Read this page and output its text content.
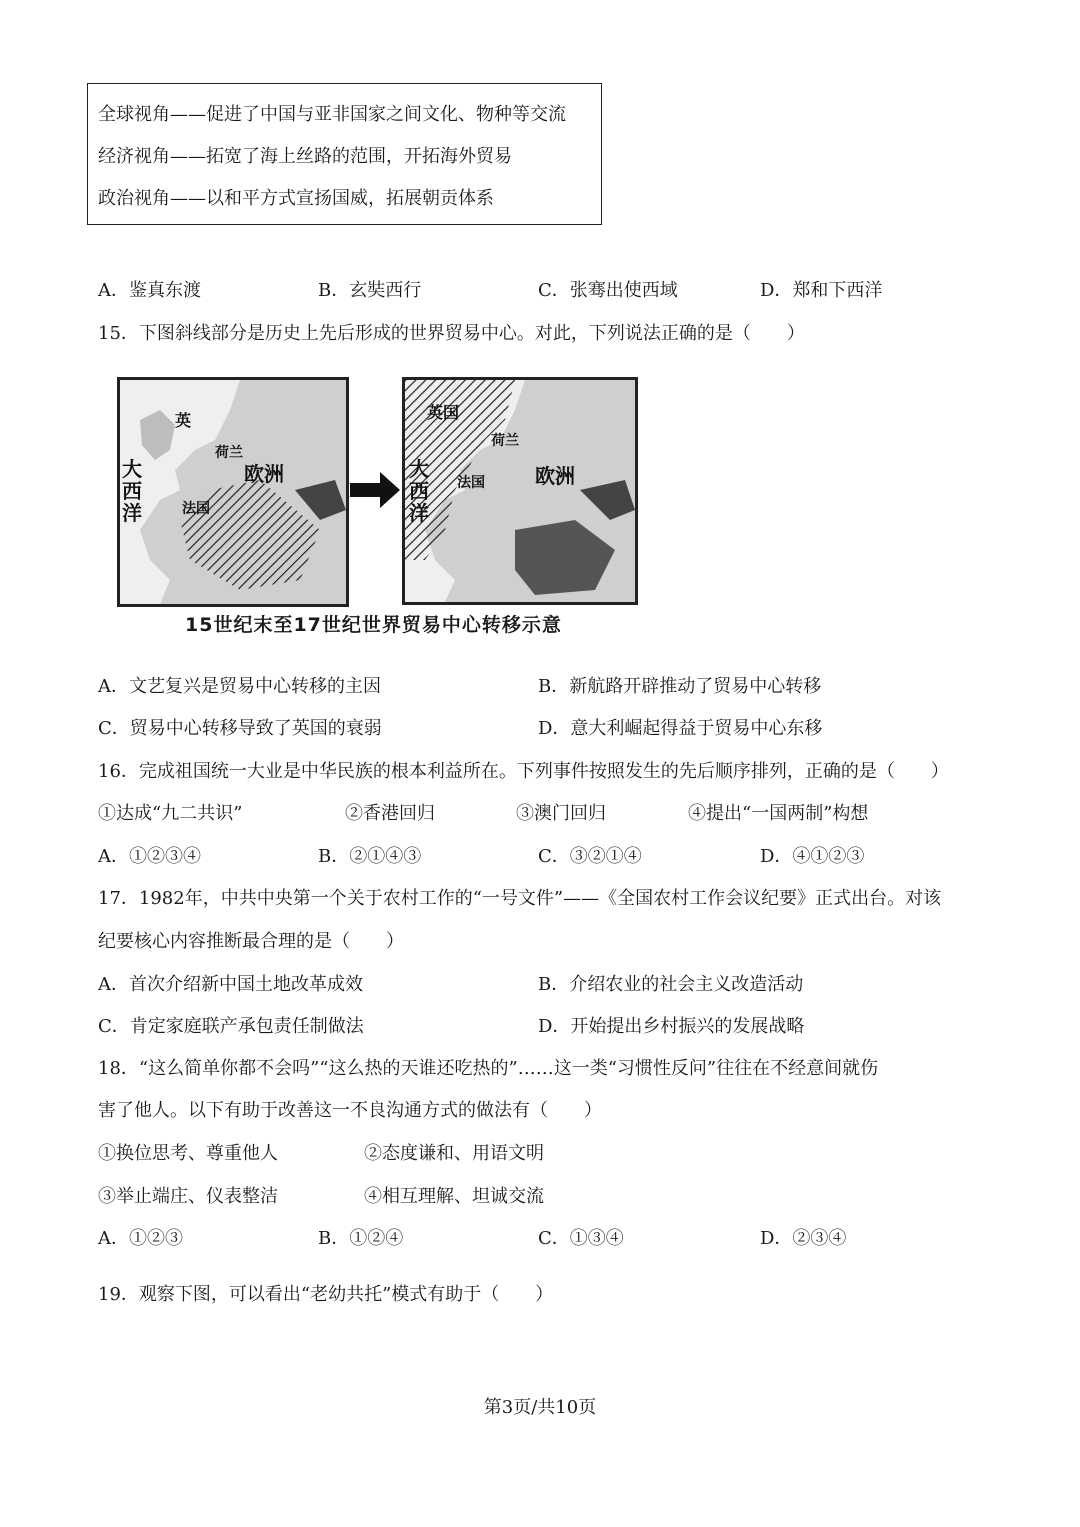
全球视角——促进了中国与亚非国家之间文化、物种等交流
经济视角——拓宽了海上丝路的范围，开拓海外贸易
政治视角——以和平方式宣扬国威，拓展朝贡体系
A．鉴真东渡	B．玄奘西行	C．张骞出使西域	D．郑和下西洋
15．下图斜线部分是历史上先后形成的世界贸易中心。对此，下列说法正确的是（　　）
大西洋
英
荷兰
法国
欧洲	大西洋
英国
荷兰
法国	欧洲
15世纪末至17世纪世界贸易中心转移示意
A．文艺复兴是贸易中心转移的主因	B．新航路开辟推动了贸易中心转移
C．贸易中心转移导致了英国的衰弱	D．意大利崛起得益于贸易中心东移
16．完成祖国统一大业是中华民族的根本利益所在。下列事件按照发生的先后顺序排列，正确的是（　　）
①达成“九二共识”	②香港回归	③澳门回归	④提出“一国两制”构想
A．①②③④	B．②①④③	C．③②①④	D．④①②③
17．1982年，中共中央第一个关于农村工作的“一号文件”——《全国农村工作会议纪要》正式出台。对该
纪要核心内容推断最合理的是（　　）
A．首次介绍新中国土地改革成效	B．介绍农业的社会主义改造活动
C．肯定家庭联产承包责任制做法	D．开始提出乡村振兴的发展战略
18．“这么简单你都不会吗”“这么热的天谁还吃热的”……这一类“习惯性反问”往往在不经意间就伤
害了他人。以下有助于改善这一不良沟通方式的做法有（　　）
①换位思考、尊重他人	②态度谦和、用语文明
③举止端庄、仪表整洁	④相互理解、坦诚交流
A．①②③	B．①②④	C．①③④	D．②③④
19．观察下图，可以看出“老幼共托”模式有助于（　　）
第3页/共10页
